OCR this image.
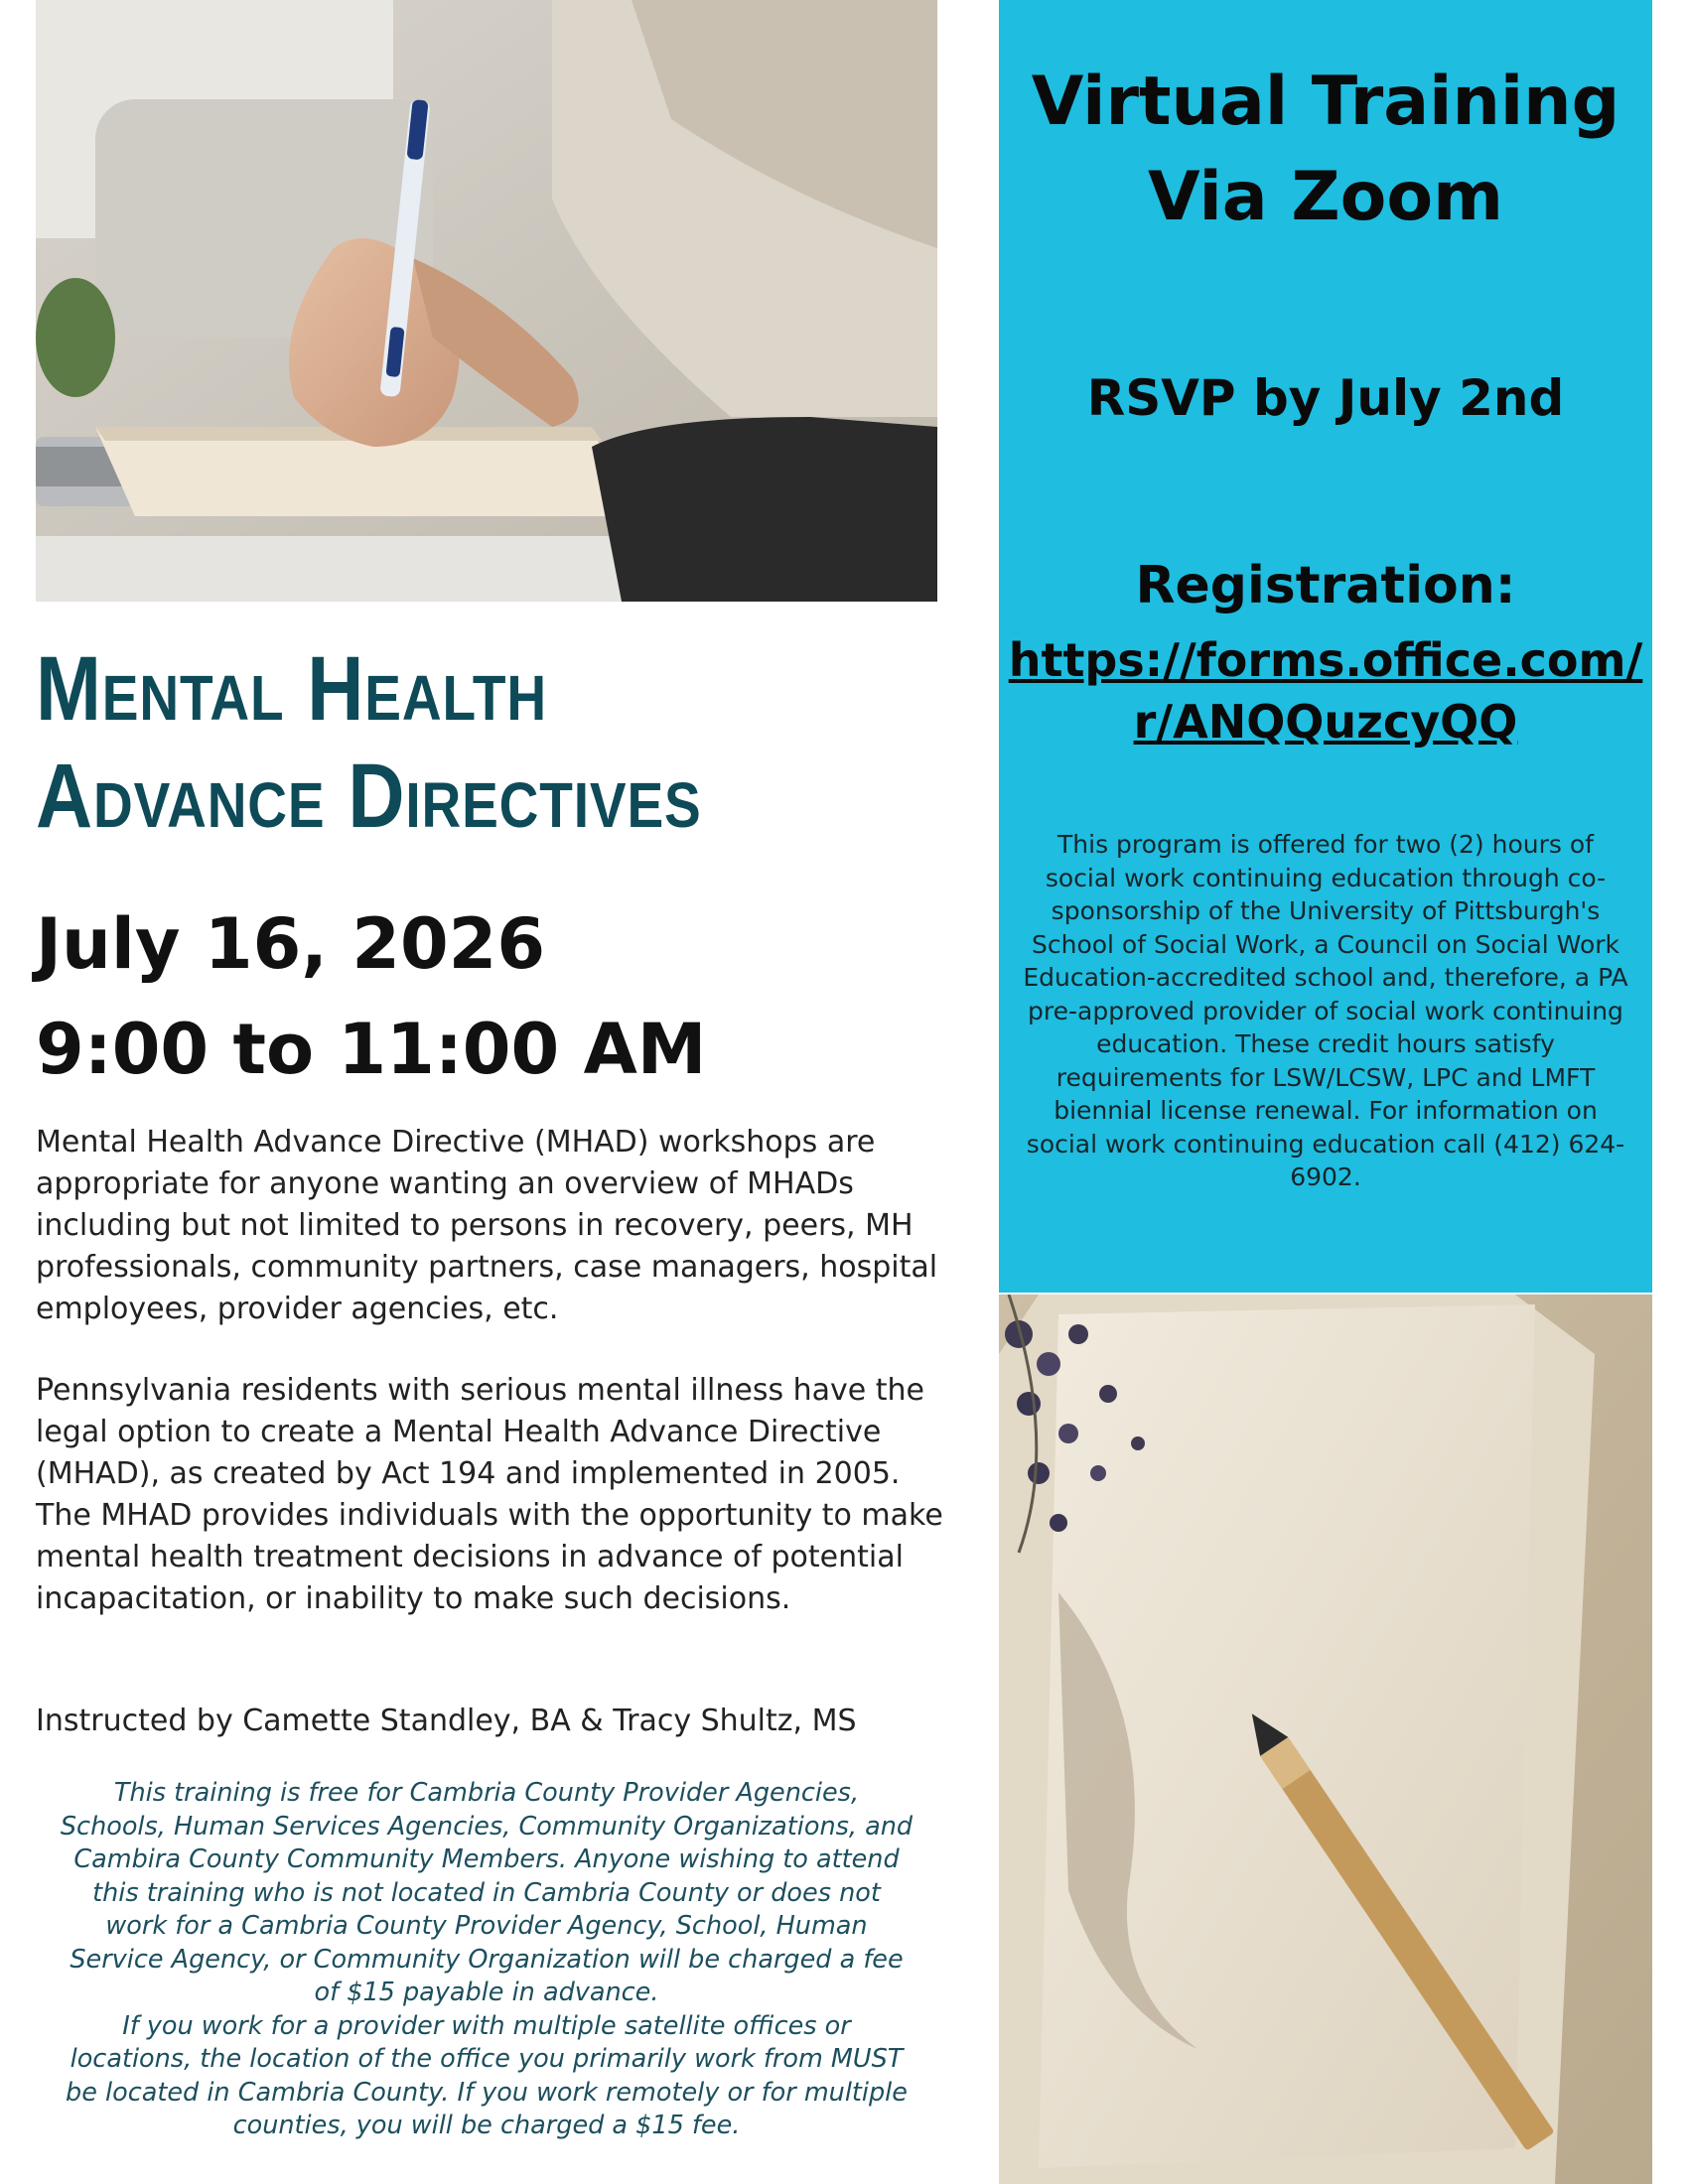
Mental Health
Advance Directives
July 16, 2026
9:00 to 11:00 AM

Mental Health Advance Directive (MHAD) workshops are appropriate for anyone wanting an overview of MHADs including but not limited to persons in recovery, peers, MH professionals, community partners, case managers, hospital employees, provider agencies, etc.

Pennsylvania residents with serious mental illness have the legal option to create a Mental Health Advance Directive (MHAD), as created by Act 194 and implemented in 2005. The MHAD provides individuals with the opportunity to make mental health treatment decisions in advance of potential incapacitation, or inability to make such decisions.

Instructed by Camette Standley, BA & Tracy Shultz, MS
This training is free for Cambria County Provider Agencies, Schools, Human Services Agencies, Community Organizations, and Cambira County Community Members. Anyone wishing to attend this training who is not located in Cambria County or does not work for a Cambria County Provider Agency, School, Human Service Agency, or Community Organization will be charged a fee of $15 payable in advance.
If you work for a provider with multiple satellite offices or locations, the location of the office you primarily work from MUST be located in Cambria County. If you work remotely or for multiple counties, you will be charged a $15 fee.
Virtual Training
Via Zoom
RSVP by July 2nd
Registration:
https://forms.office.com/
r/ANQQuzcyQQ

This program is offered for two (2) hours of social work continuing education through co-sponsorship of the University of Pittsburgh's School of Social Work, a Council on Social Work Education-accredited school and, therefore, a PA pre-approved provider of social work continuing education. These credit hours satisfy requirements for LSW/LCSW, LPC and LMFT biennial license renewal. For information on social work continuing education call (412) 624-6902.
